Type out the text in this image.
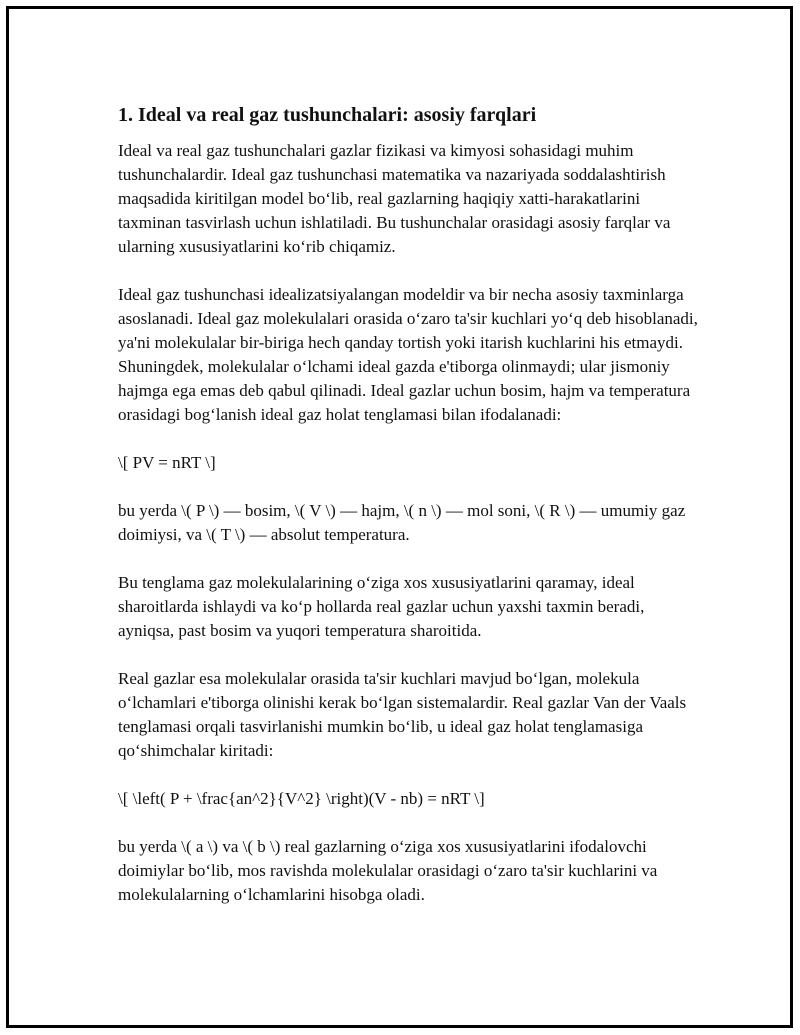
1. Ideal va real gaz tushunchalari: asosiy farqlari

Ideal va real gaz tushunchalari gazlar fizikasi va kimyosi sohasidagi muhim tushunchalardir. Ideal gaz tushunchasi matematika va nazariyada soddalashtirish maqsadida kiritilgan model bo‘lib, real gazlarning haqiqiy xatti-harakatlarini taxminan tasvirlash uchun ishlatiladi. Bu tushunchalar orasidagi asosiy farqlar va ularning xususiyatlarini ko‘rib chiqamiz.

Ideal gaz tushunchasi idealizatsiyalangan modeldir va bir necha asosiy taxminlarga asoslanadi. Ideal gaz molekulalari orasida o‘zaro ta'sir kuchlari yo‘q deb hisoblanadi, ya'ni molekulalar bir-biriga hech qanday tortish yoki itarish kuchlarini his etmaydi. Shuningdek, molekulalar o‘lchami ideal gazda e'tiborga olinmaydi; ular jismoniy hajmga ega emas deb qabul qilinadi. Ideal gazlar uchun bosim, hajm va temperatura orasidagi bog‘lanish ideal gaz holat tenglamasi bilan ifodalanadi:

\[ PV = nRT \]

bu yerda \( P \) — bosim, \( V \) — hajm, \( n \) — mol soni, \( R \) — umumiy gaz doimiysi, va \( T \) — absolut temperatura.

Bu tenglama gaz molekulalarining o‘ziga xos xususiyatlarini qaramay, ideal sharoitlarda ishlaydi va ko‘p hollarda real gazlar uchun yaxshi taxmin beradi, ayniqsa, past bosim va yuqori temperatura sharoitida.

Real gazlar esa molekulalar orasida ta'sir kuchlari mavjud bo‘lgan, molekula o‘lchamlari e'tiborga olinishi kerak bo‘lgan sistemalardir. Real gazlar Van der Vaals tenglamasi orqali tasvirlanishi mumkin bo‘lib, u ideal gaz holat tenglamasiga qo‘shimchalar kiritadi:

\[ \left( P + \frac{an^2}{V^2} \right)(V - nb) = nRT \]

bu yerda \( a \) va \( b \) real gazlarning o‘ziga xos xususiyatlarini ifodalovchi doimiylar bo‘lib, mos ravishda molekulalar orasidagi o‘zaro ta'sir kuchlarini va molekulalarning o‘lchamlarini hisobga oladi.
